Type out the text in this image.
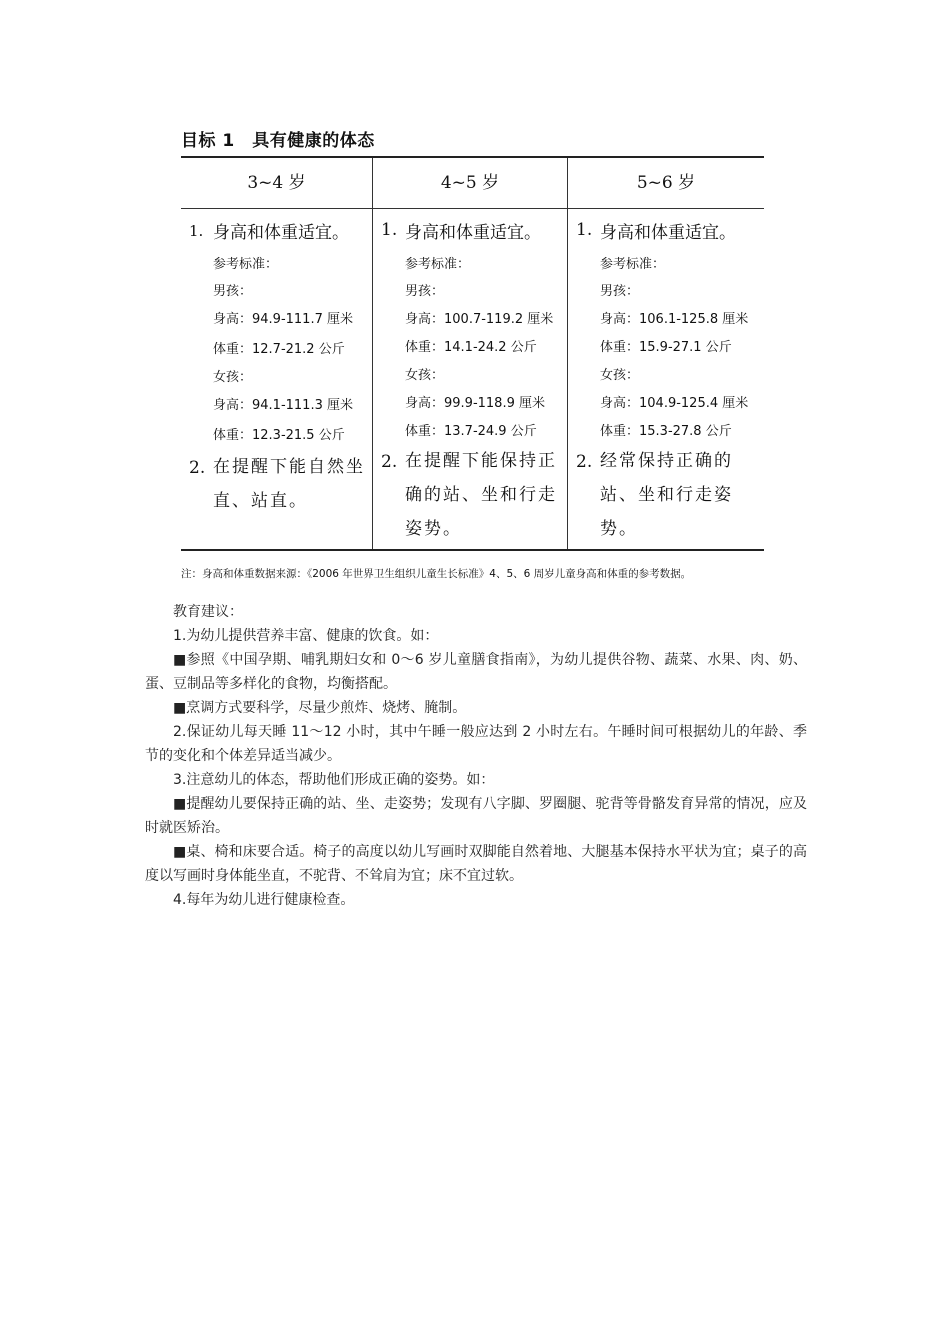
目标 1　具有健康的体态
3~4 岁	4~5 岁	5~6 岁
1. 身高和体重适宜。
参考标准：
男孩：
身高：94.9-111.7 厘米
体重：12.7-21.2 公斤
女孩：
身高：94.1-111.3 厘米
体重：12.3-21.5 公斤
2. 在提醒下能自然坐直、站直。
1. 身高和体重适宜。
参考标准：
男孩：
身高：100.7-119.2 厘米
体重：14.1-24.2 公斤
女孩：
身高：99.9-118.9 厘米
体重：13.7-24.9 公斤
2. 在提醒下能保持正确的站、坐和行走姿势。
1. 身高和体重适宜。
参考标准：
男孩：
身高：106.1-125.8 厘米
体重：15.9-27.1 公斤
女孩：
身高：104.9-125.4 厘米
体重：15.3-27.8 公斤
2. 经常保持正确的站、坐和行走姿势。
注：身高和体重数据来源：《2006 年世界卫生组织儿童生长标准》4、5、6 周岁儿童身高和体重的参考数据。

教育建议：

1.为幼儿提供营养丰富、健康的饮食。如：

■参照《中国孕期、哺乳期妇女和 0～6 岁儿童膳食指南》，为幼儿提供谷物、蔬菜、水果、肉、奶、蛋、豆制品等多样化的食物，均衡搭配。

■烹调方式要科学，尽量少煎炸、烧烤、腌制。

2.保证幼儿每天睡 11～12 小时，其中午睡一般应达到 2 小时左右。午睡时间可根据幼儿的年龄、季节的变化和个体差异适当减少。

3.注意幼儿的体态，帮助他们形成正确的姿势。如：

■提醒幼儿要保持正确的站、坐、走姿势；发现有八字脚、罗圈腿、驼背等骨骼发育异常的情况，应及时就医矫治。

■桌、椅和床要合适。椅子的高度以幼儿写画时双脚能自然着地、大腿基本保持水平状为宜；桌子的高度以写画时身体能坐直，不驼背、不耸肩为宜；床不宜过软。

4.每年为幼儿进行健康检查。
